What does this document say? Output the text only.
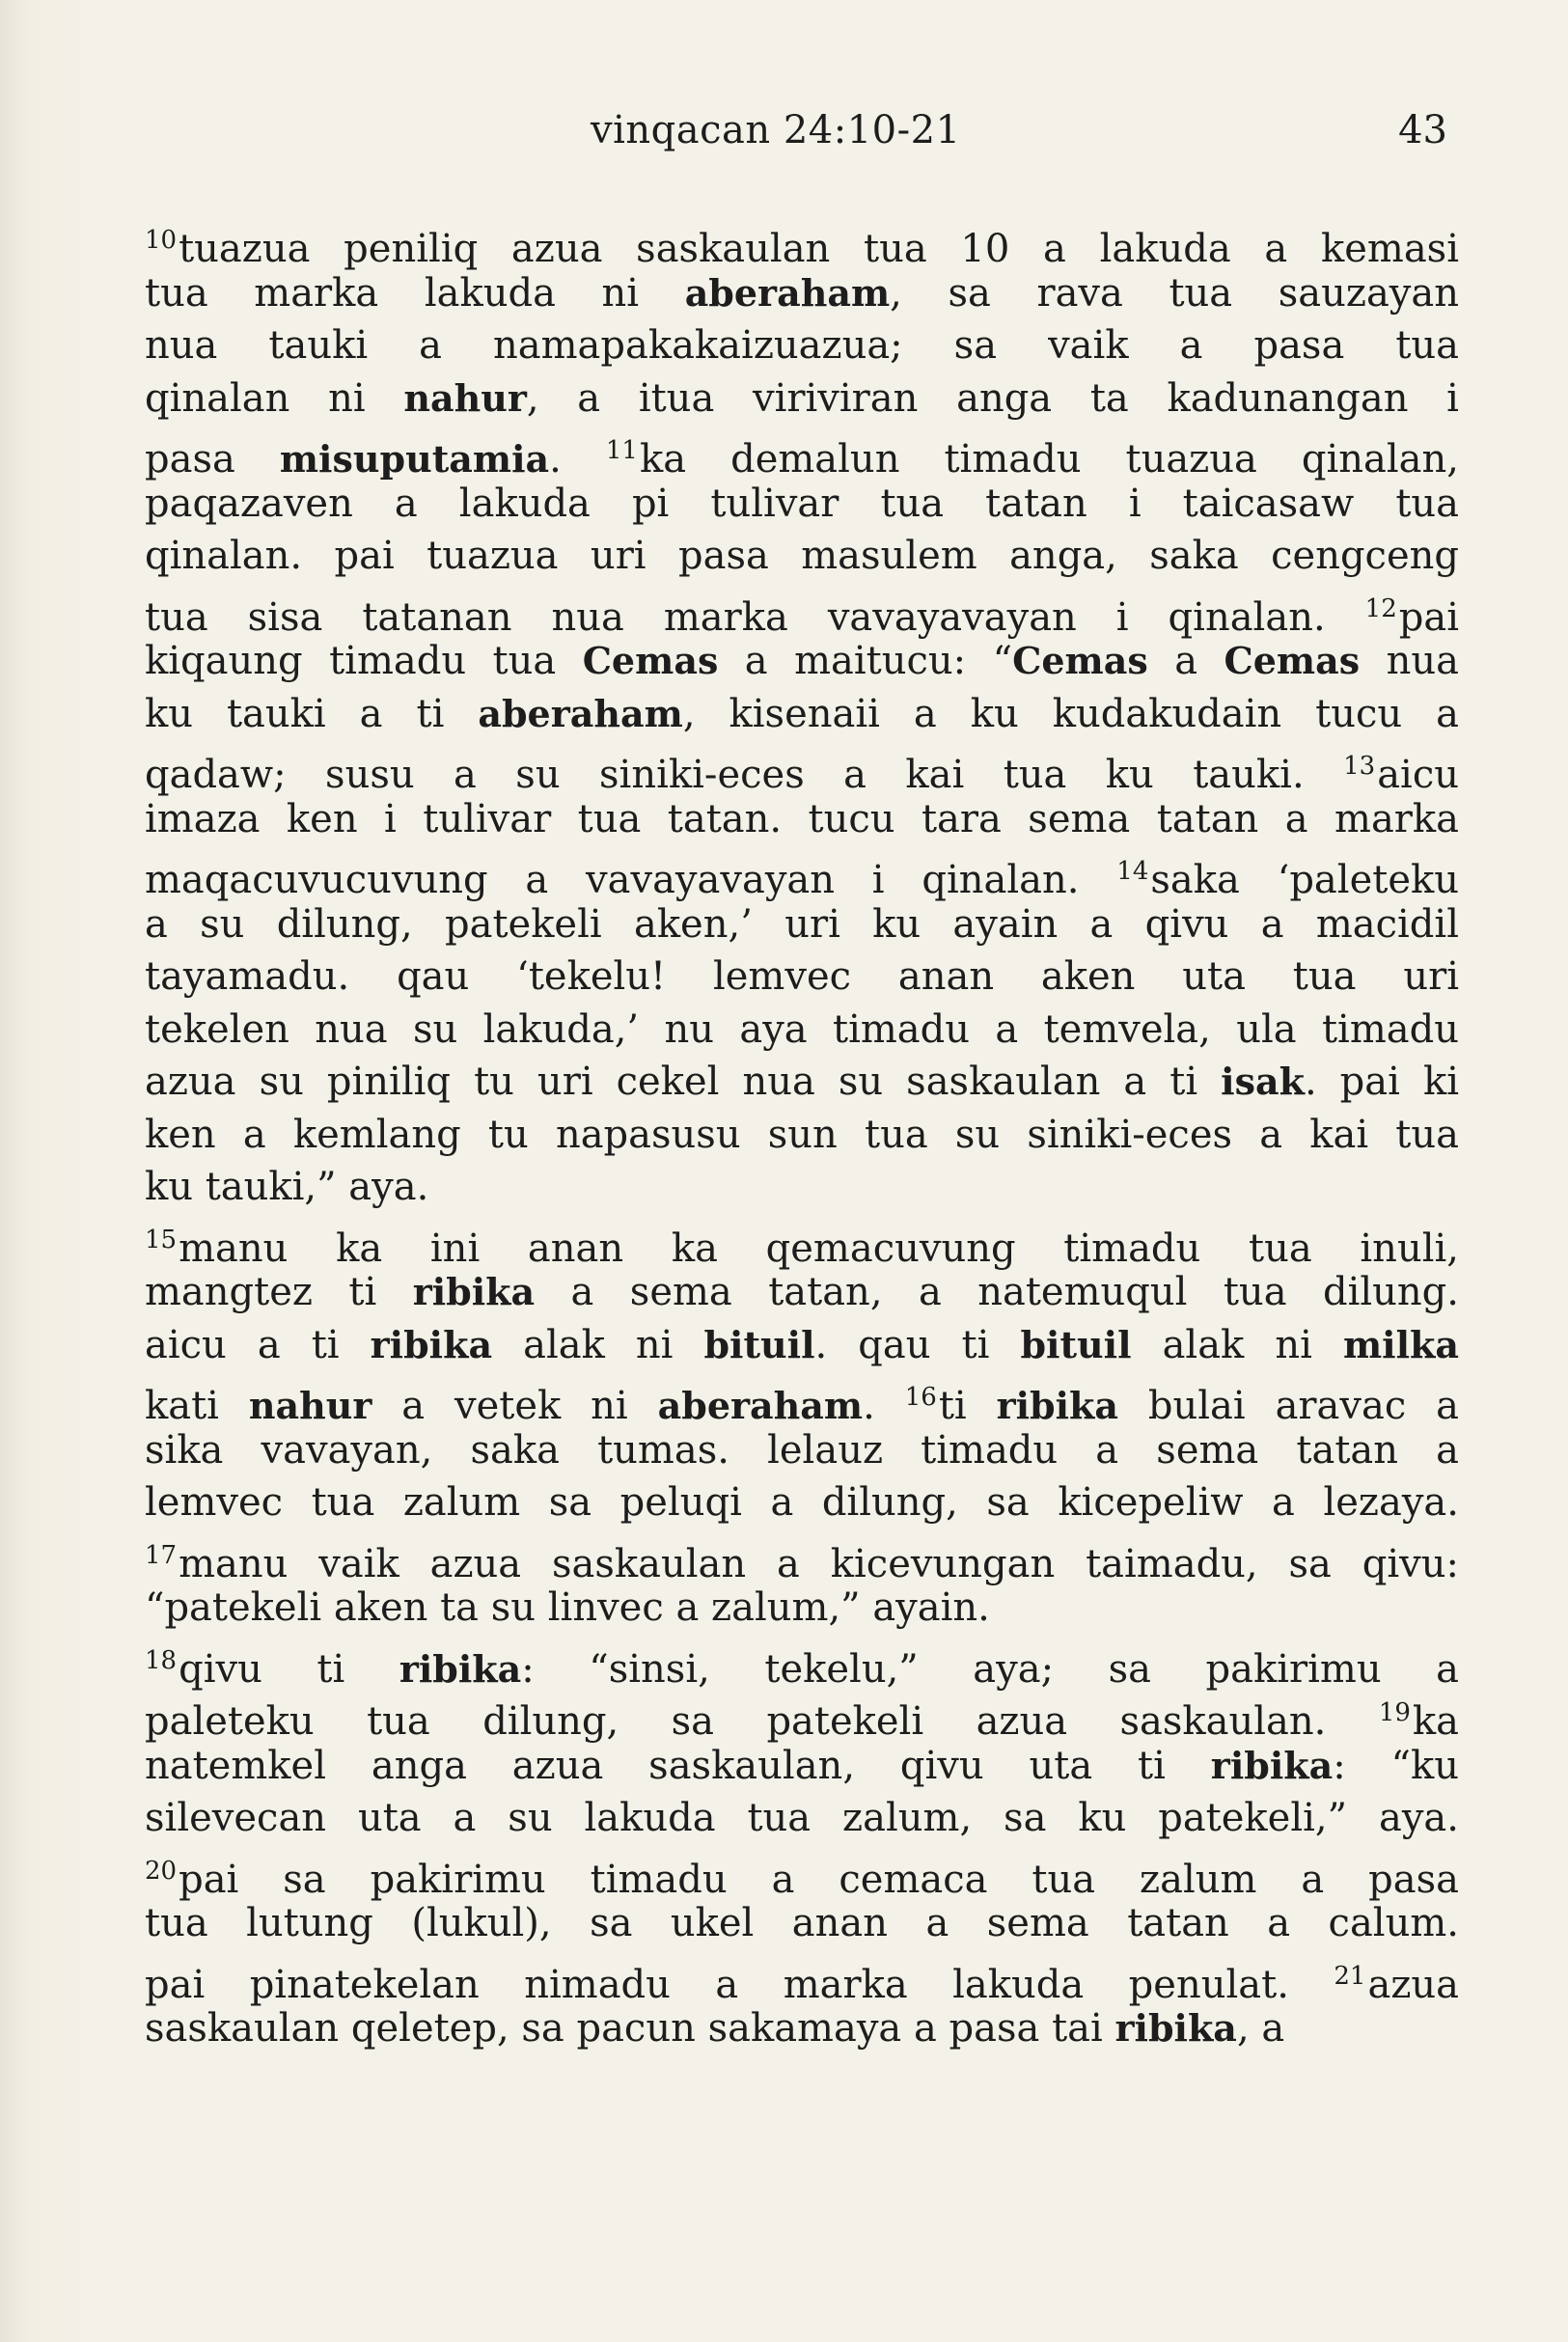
vinqacan 24:10-21	43
$^{10}$tuazua peniliq azua saskaulan tua 10 a lakuda a kemasi
tua marka lakuda ni aberaham, sa rava tua sauzayan
nua tauki a namapakakaizuazua; sa vaik a pasa tua
qinalan ni nahur, a itua viriviran anga ta kadunangan i
pasa misuputamia. $^{11}$ka demalun timadu tuazua qinalan,
paqazaven a lakuda pi tulivar tua tatan i taicasaw tua
qinalan. pai tuazua uri pasa masulem anga, saka cengceng
tua sisa tatanan nua marka vavayavayan i qinalan. $^{12}$pai
kiqaung timadu tua Cemas a maitucu: “Cemas a Cemas nua
ku tauki a ti aberaham, kisenaii a ku kudakudain tucu a
qadaw; susu a su siniki-eces a kai tua ku tauki. $^{13}$aicu
imaza ken i tulivar tua tatan. tucu tara sema tatan a marka
maqacuvucuvung a vavayavayan i qinalan. $^{14}$saka ‘paleteku
a su dilung, patekeli aken,’ uri ku ayain a qivu a macidil
tayamadu. qau ‘tekelu! lemvec anan aken uta tua uri
tekelen nua su lakuda,’ nu aya timadu a temvela, ula timadu
azua su piniliq tu uri cekel nua su saskaulan a ti isak. pai ki
ken a kemlang tu napasusu sun tua su siniki-eces a kai tua
ku tauki,” aya.
$^{15}$manu ka ini anan ka qemacuvung timadu tua inuli,
mangtez ti ribika a sema tatan, a natemuqul tua dilung.
aicu a ti ribika alak ni bituil. qau ti bituil alak ni milka
kati nahur a vetek ni aberaham. $^{16}$ti ribika bulai aravac a
sika vavayan, saka tumas. lelauz timadu a sema tatan a
lemvec tua zalum sa peluqi a dilung, sa kicepeliw a lezaya.
$^{17}$manu vaik azua saskaulan a kicevungan taimadu, sa qivu:
“patekeli aken ta su linvec a zalum,” ayain.
$^{18}$qivu ti ribika: “sinsi, tekelu,” aya; sa pakirimu a
paleteku tua dilung, sa patekeli azua saskaulan. $^{19}$ka
natemkel anga azua saskaulan, qivu uta ti ribika: “ku
silevecan uta a su lakuda tua zalum, sa ku patekeli,” aya.
$^{20}$pai sa pakirimu timadu a cemaca tua zalum a pasa
tua lutung (lukul), sa ukel anan a sema tatan a calum.
pai pinatekelan nimadu a marka lakuda penulat. $^{21}$azua
saskaulan qeletep, sa pacun sakamaya a pasa tai ribika, a
